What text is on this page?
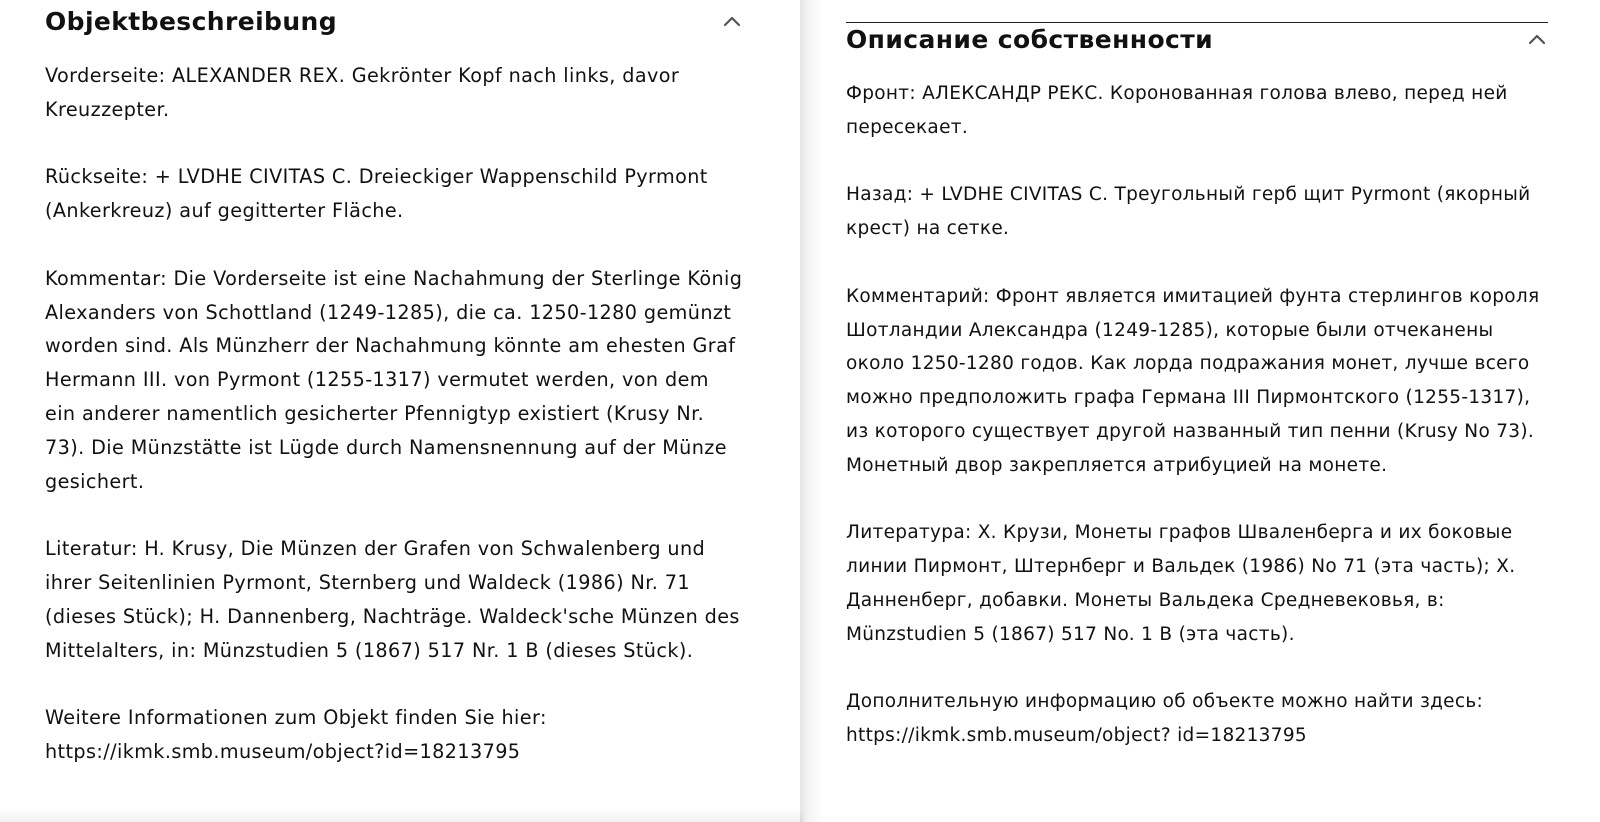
Objektbeschreibung

Vorderseite: ALEXANDER REX. Gekrönter Kopf nach links, davor Kreuzzepter.

Rückseite: + LVDHE CIVITAS C. Dreieckiger Wappenschild Pyrmont (Ankerkreuz) auf gegitterter Fläche.

Kommentar: Die Vorderseite ist eine Nachahmung der Sterlinge König Alexanders von Schottland (1249-1285), die ca. 1250-1280 gemünzt worden sind. Als Münzherr der Nachahmung könnte am ehesten Graf Hermann III. von Pyrmont (1255-1317) vermutet werden, von dem ein anderer namentlich gesicherter Pfennigtyp existiert (Krusy Nr. 73). Die Münzstätte ist Lügde durch Namensnennung auf der Münze gesichert.

Literatur: H. Krusy, Die Münzen der Grafen von Schwalenberg und ihrer Seitenlinien Pyrmont, Sternberg und Waldeck (1986) Nr. 71 (dieses Stück); H. Dannenberg, Nachträge. Waldeck'sche Münzen des Mittelalters, in: Münzstudien 5 (1867) 517 Nr. 1 B (dieses Stück).

Weitere Informationen zum Objekt finden Sie hier:
https://ikmk.smb.museum/object?id=18213795

Описание собственности

Фронт: АЛЕКСАНДР РЕКС. Коронованная голова влево, перед ней пересекает.

Назад: + LVDHE CIVITAS C. Треугольный герб щит Pyrmont (якорный крест) на сетке.

Комментарий: Фронт является имитацией фунта стерлингов короля Шотландии Александра (1249-1285), которые были отчеканены около 1250-1280 годов. Как лорда подражания монет, лучше всего можно предположить графа Германа III Пирмонтского (1255-1317), из которого существует другой названный тип пенни (Krusy No 73). Монетный двор закрепляется атрибуцией на монете.

Литература: Х. Крузи, Монеты графов Шваленберга и их боковые линии Пирмонт, Штернберг и Вальдек (1986) No 71 (эта часть); Х. Данненберг, добавки. Монеты Вальдека Средневековья, в: Münzstudien 5 (1867) 517 No. 1 B (эта часть).

Дополнительную информацию об объекте можно найти здесь:
https://ikmk.smb.museum/object? id=18213795
